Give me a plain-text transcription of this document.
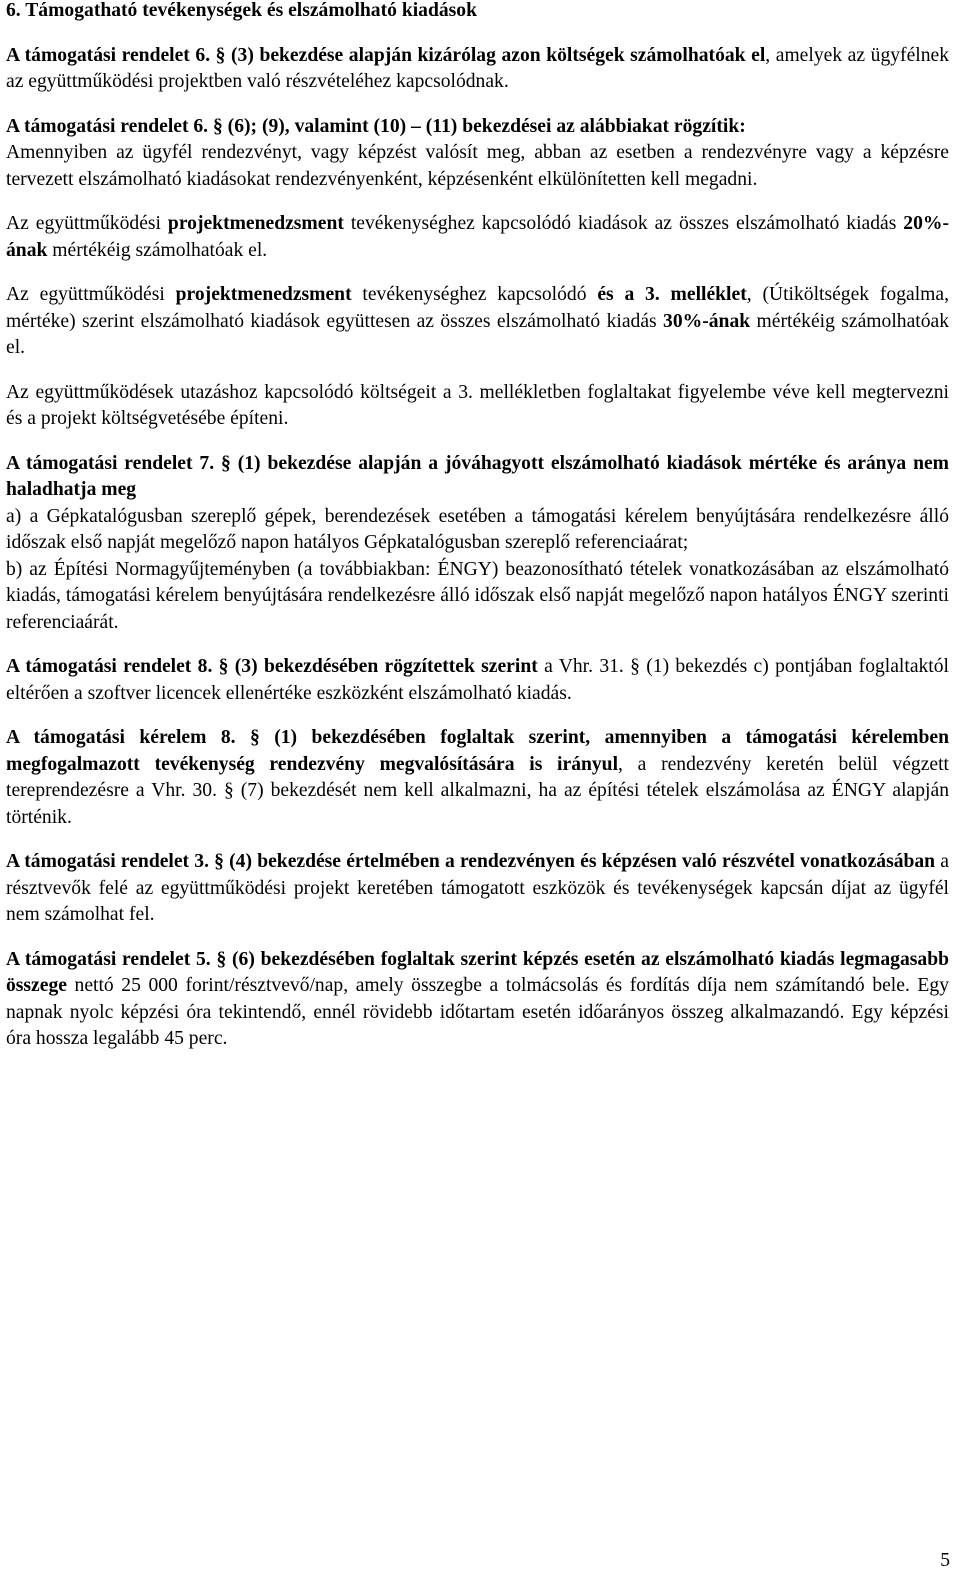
6. Támogatható tevékenységek és elszámolható kiadások

A támogatási rendelet 6. § (3) bekezdése alapján kizárólag azon költségek számolhatóak el, amelyek az ügyfélnek az együttműködési projektben való részvételéhez kapcsolódnak.

A támogatási rendelet 6. § (6); (9), valamint (10) – (11) bekezdései az alábbiakat rögzítik:

Amennyiben az ügyfél rendezvényt, vagy képzést valósít meg, abban az esetben a rendezvényre vagy a képzésre tervezett elszámolható kiadásokat rendezvényenként, képzésenként elkülönítetten kell megadni.

Az együttműködési projektmenedzsment tevékenységhez kapcsolódó kiadások az összes elszámolható kiadás 20%-ának mértékéig számolhatóak el.

Az együttműködési projektmenedzsment tevékenységhez kapcsolódó és a 3. melléklet, (Útiköltségek fogalma, mértéke) szerint elszámolható kiadások együttesen az összes elszámolható kiadás 30%-ának mértékéig számolhatóak el.

Az együttműködések utazáshoz kapcsolódó költségeit a 3. mellékletben foglaltakat figyelembe véve kell megtervezni és a projekt költségvetésébe építeni.

A támogatási rendelet 7. § (1) bekezdése alapján a jóváhagyott elszámolható kiadások mértéke és aránya nem haladhatja meg

a) a Gépkatalógusban szereplő gépek, berendezések esetében a támogatási kérelem benyújtására rendelkezésre álló időszak első napját megelőző napon hatályos Gépkatalógusban szereplő referenciaárat;

b) az Építési Normagyűjteményben (a továbbiakban: ÉNGY) beazonosítható tételek vonatkozásában az elszámolható kiadás, támogatási kérelem benyújtására rendelkezésre álló időszak első napját megelőző napon hatályos ÉNGY szerinti referenciaárát.

A támogatási rendelet 8. § (3) bekezdésében rögzítettek szerint a Vhr. 31. § (1) bekezdés c) pontjában foglaltaktól eltérően a szoftver licencek ellenértéke eszközként elszámolható kiadás.

A támogatási kérelem 8. § (1) bekezdésében foglaltak szerint, amennyiben a támogatási kérelemben megfogalmazott tevékenység rendezvény megvalósítására is irányul, a rendezvény keretén belül végzett tereprendezésre a Vhr. 30. § (7) bekezdését nem kell alkalmazni, ha az építési tételek elszámolása az ÉNGY alapján történik.

A támogatási rendelet 3. § (4) bekezdése értelmében a rendezvényen és képzésen való részvétel vonatkozásában a résztvevők felé az együttműködési projekt keretében támogatott eszközök és tevékenységek kapcsán díjat az ügyfél nem számolhat fel.

A támogatási rendelet 5. § (6) bekezdésében foglaltak szerint képzés esetén az elszámolható kiadás legmagasabb összege nettó 25 000 forint/résztvevő/nap, amely összegbe a tolmácsolás és fordítás díja nem számítandó bele. Egy napnak nyolc képzési óra tekintendő, ennél rövidebb időtartam esetén időarányos összeg alkalmazandó. Egy képzési óra hossza legalább 45 perc.

5
